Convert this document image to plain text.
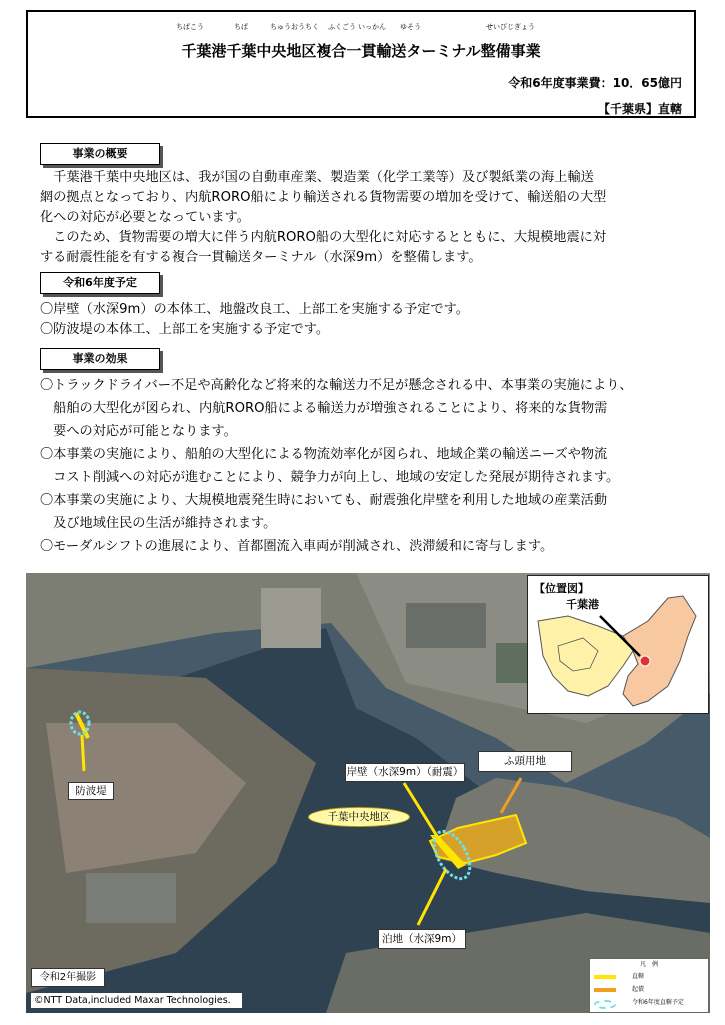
ちばこう	ちば	ちゅうおうちく ふくごう いっかん ゆそう	せいびじぎょう
千葉港千葉中央地区複合一貫輸送ターミナル整備事業
令和6年度事業費：10．65億円
【千葉県】直轄
事業の概要
　千葉港千葉中央地区は、我が国の自動車産業、製造業（化学工業等）及び製紙業の海上輸送
網の拠点となっており、内航RORO船により輸送される貨物需要の増加を受けて、輸送船の大型
化への対応が必要となっています。
　このため、貨物需要の増大に伴う内航RORO船の大型化に対応するとともに、大規模地震に対
する耐震性能を有する複合一貫輸送ターミナル（水深9m）を整備します。
令和6年度予定
〇岸壁（水深9m）の本体工、地盤改良工、上部工を実施する予定です。
〇防波堤の本体工、上部工を実施する予定です。
事業の効果
〇トラックドライバー不足や高齢化など将来的な輸送力不足が懸念される中、本事業の実施により、
　船舶の大型化が図られ、内航RORO船による輸送力が増強されることにより、将来的な貨物需
　要への対応が可能となります。
〇本事業の実施により、船舶の大型化による物流効率化が図られ、地域企業の輸送ニーズや物流
　コスト削減への対応が進むことにより、競争力が向上し、地域の安定した発展が期待されます。
〇本事業の実施により、大規模地震発生時においても、耐震強化岸壁を利用した地域の産業活動
　及び地域住民の生活が維持されます。
〇モーダルシフトの進展により、首都圏流入車両が削減され、渋滞緩和に寄与します。
防波堤
岸壁（水深9m）（耐震）
ふ頭用地
千葉中央地区
泊地（水深9m）
【位置図】
千葉港
凡　例
直轄
起債
令和6年度直轄予定
令和2年撮影
©NTT Data,included Maxar Technologies.
